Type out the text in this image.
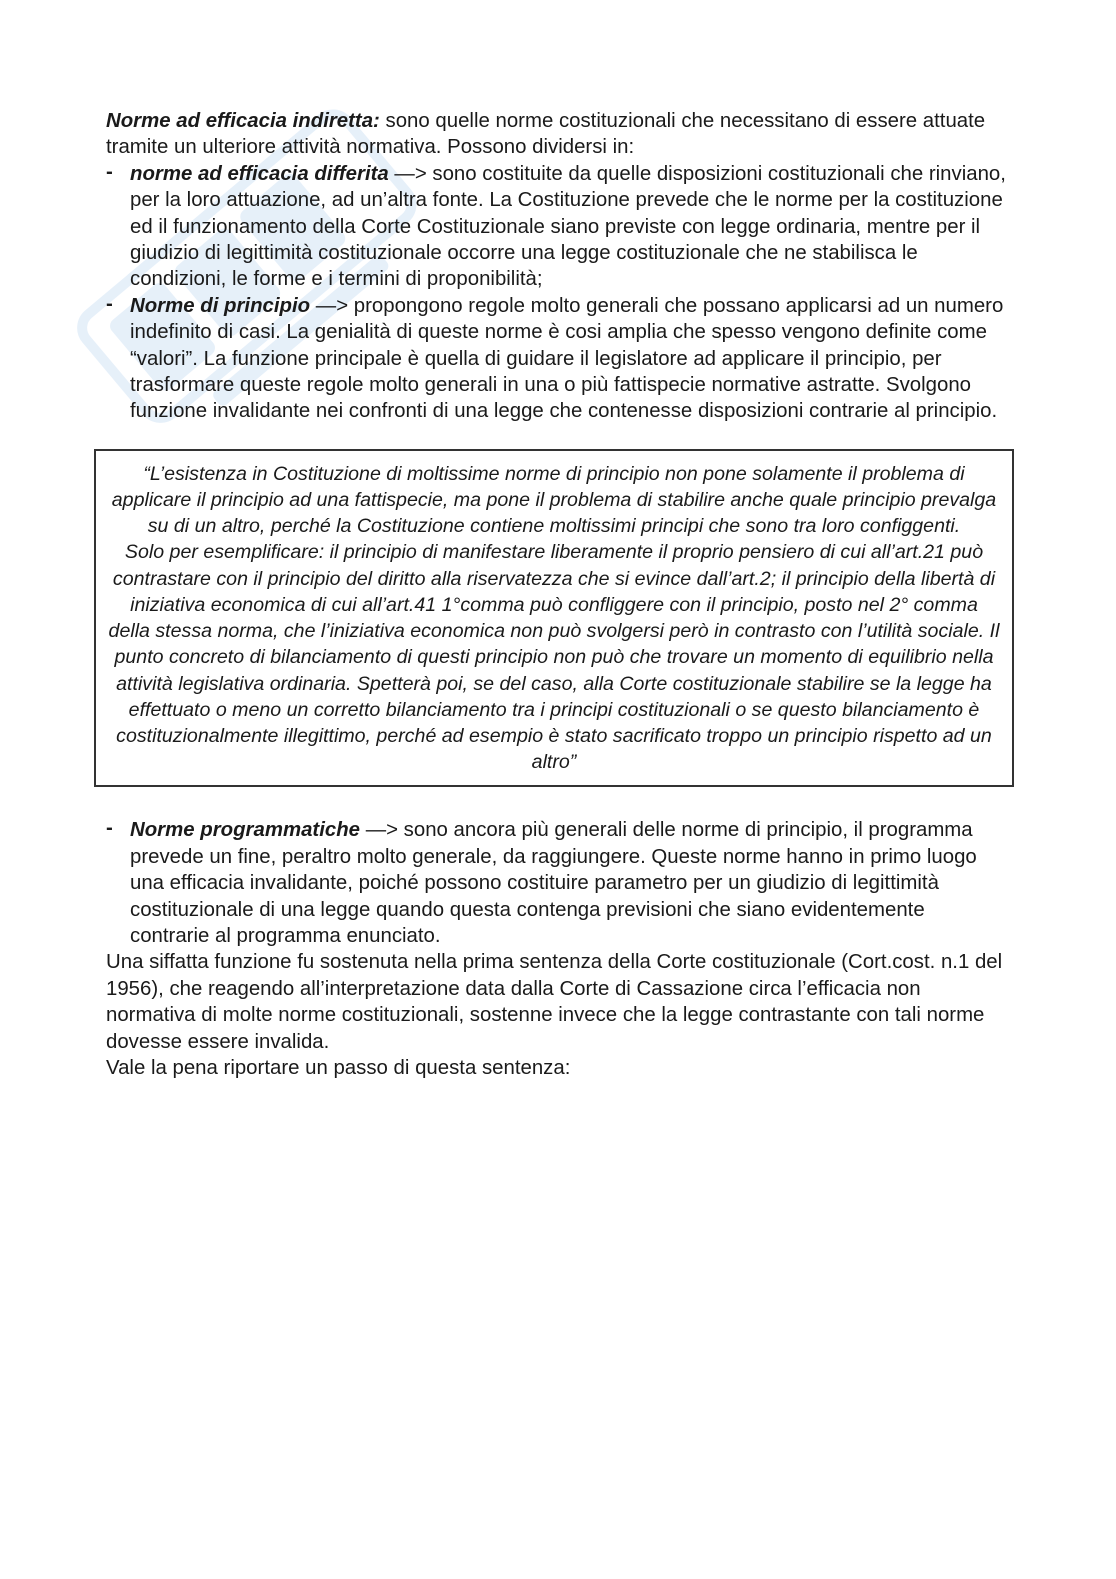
Norme ad efficacia indiretta: sono quelle norme costituzionali che necessitano di essere attuate tramite un ulteriore attività normativa. Possono dividersi in:

- norme ad efficacia differita —> sono costituite da quelle disposizioni costituzionali che rinviano, per la loro attuazione, ad un’altra fonte. La Costituzione prevede che le norme per la costituzione ed il funzionamento della Corte Costituzionale siano previste con legge ordinaria, mentre per il giudizio di legittimità costituzionale occorre una legge costituzionale che ne stabilisca le condizioni, le forme e i termini di proponibilità;
- Norme di principio —> propongono regole molto generali che possano applicarsi ad un numero indefinito di casi. La genialità di queste norme è cosi amplia che spesso vengono definite come “valori”. La funzione principale è quella di guidare il legislatore ad applicare il principio, per trasformare queste regole molto generali in una o più fattispecie normative astratte. Svolgono funzione invalidante nei confronti di una legge che contenesse disposizioni contrarie al principio.

“L’esistenza in Costituzione di moltissime norme di principio non pone solamente il problema di applicare il principio ad una fattispecie, ma pone il problema di stabilire anche quale principio prevalga su di un altro, perché la Costituzione contiene moltissimi principi che sono tra loro configgenti.

Solo per esemplificare: il principio di manifestare liberamente il proprio pensiero di cui all’art.21 può contrastare con il principio del diritto alla riservatezza che si evince dall’art.2; il principio della libertà di iniziativa economica di cui all’art.41 1°comma può confliggere con il principio, posto nel 2° comma della stessa norma, che l’iniziativa economica non può svolgersi però in contrasto con l’utilità sociale. Il punto concreto di bilanciamento di questi principio non può che trovare un momento di equilibrio nella attività legislativa ordinaria. Spetterà poi, se del caso, alla Corte costituzionale stabilire se la legge ha effettuato o meno un corretto bilanciamento tra i principi costituzionali o se questo bilanciamento è costituzionalmente illegittimo, perché ad esempio è stato sacrificato troppo un principio rispetto ad un altro”

- Norme programmatiche —> sono ancora più generali delle norme di principio, il programma prevede un fine, peraltro molto generale, da raggiungere. Queste norme hanno in primo luogo una efficacia invalidante, poiché possono costituire parametro per un giudizio di legittimità costituzionale di una legge quando questa contenga previsioni che siano evidentemente contrarie al programma enunciato.

Una siffatta funzione fu sostenuta nella prima sentenza della Corte costituzionale (Cort.cost. n.1 del 1956), che reagendo all’interpretazione data dalla Corte di Cassazione circa l’efficacia non normativa di molte norme costituzionali, sostenne invece che la legge contrastante con tali norme dovesse essere invalida.

Vale la pena riportare un passo di questa sentenza:
